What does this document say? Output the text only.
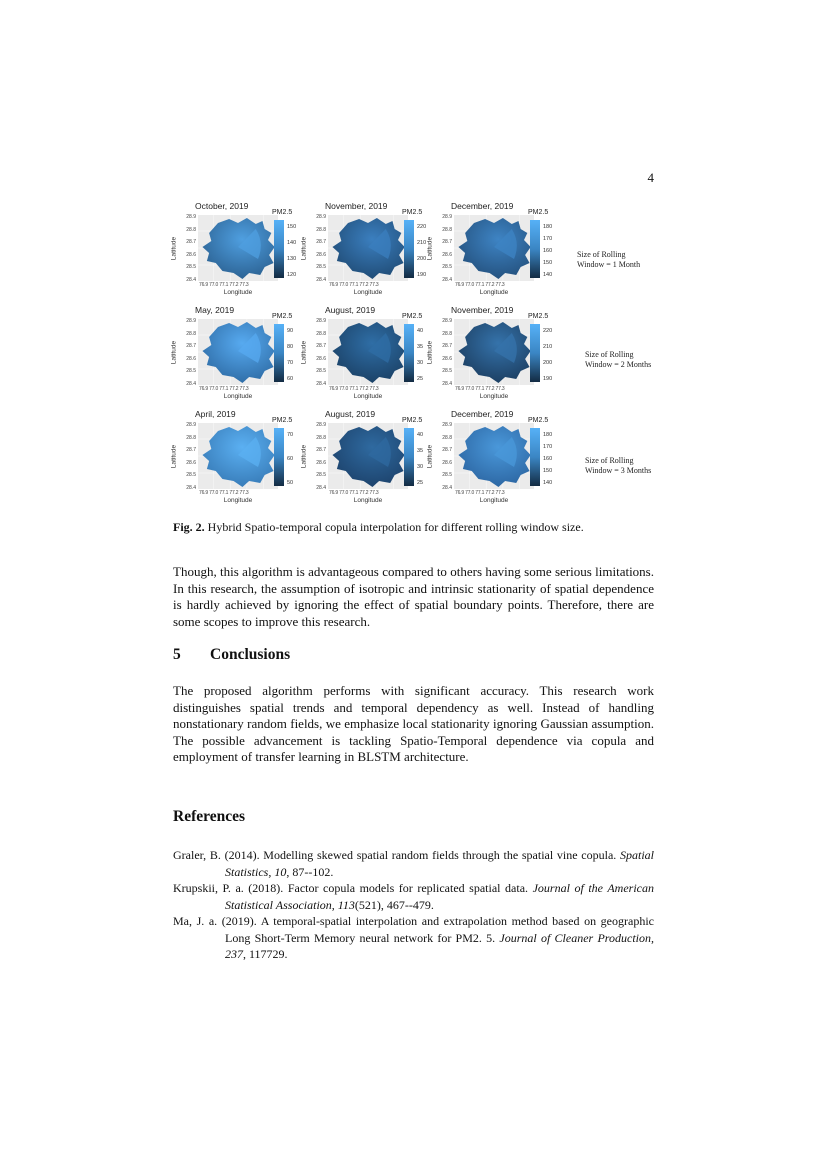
4
October, 2019
Latitude
28.9
28.8
28.7
28.6
28.5
28.4
76.9 77.0 77.1 77.2 77.3
Longitude
PM2.5
150
140
130
120
November, 2019
Latitude
28.9
28.8
28.7
28.6
28.5
28.4
76.9 77.0 77.1 77.2 77.3
Longitude
PM2.5
220
210
200
190
December, 2019
Latitude
28.9
28.8
28.7
28.6
28.5
28.4
76.9 77.0 77.1 77.2 77.3
Longitude
PM2.5
180
170
160
150
140
May, 2019
Latitude
28.9
28.8
28.7
28.6
28.5
28.4
76.9 77.0 77.1 77.2 77.3
Longitude
PM2.5
90
80
70
60
August, 2019
Latitude
28.9
28.8
28.7
28.6
28.5
28.4
76.9 77.0 77.1 77.2 77.3
Longitude
PM2.5
40
35
30
25
November, 2019
Latitude
28.9
28.8
28.7
28.6
28.5
28.4
76.9 77.0 77.1 77.2 77.3
Longitude
PM2.5
220
210
200
190
April, 2019
Latitude
28.9
28.8
28.7
28.6
28.5
28.4
76.9 77.0 77.1 77.2 77.3
Longitude
PM2.5
70
60
50
August, 2019
Latitude
28.9
28.8
28.7
28.6
28.5
28.4
76.9 77.0 77.1 77.2 77.3
Longitude
PM2.5
40
35
30
25
December, 2019
Latitude
28.9
28.8
28.7
28.6
28.5
28.4
76.9 77.0 77.1 77.2 77.3
Longitude
PM2.5
180
170
160
150
140
Size of Rolling
Window = 1 Month
Size of Rolling
Window = 2 Months
Size of Rolling
Window = 3 Months
Fig. 2. Hybrid Spatio-temporal copula interpolation for different rolling window size.

Though, this algorithm is advantageous compared to others having some serious limitations. In this research, the assumption of isotropic and intrinsic stationarity of spatial dependence is hardly achieved by ignoring the effect of spatial boundary points. Therefore, there are some scopes to improve this research.

5 Conclusions

The proposed algorithm performs with significant accuracy. This research work distinguishes spatial trends and temporal dependency as well. Instead of handling nonstationary random fields, we emphasize local stationarity ignoring Gaussian assumption. The possible advancement is tackling Spatio-Temporal dependence via copula and employment of transfer learning in BLSTM architecture.

References

Graler, B. (2014). Modelling skewed spatial random fields through the spatial vine copula. Spatial Statistics, 10, 87--102.

Krupskii, P. a. (2018). Factor copula models for replicated spatial data. Journal of the American Statistical Association, 113(521), 467--479.

Ma, J. a. (2019). A temporal-spatial interpolation and extrapolation method based on geographic Long Short-Term Memory neural network for PM2. 5. Journal of Cleaner Production, 237, 117729.
